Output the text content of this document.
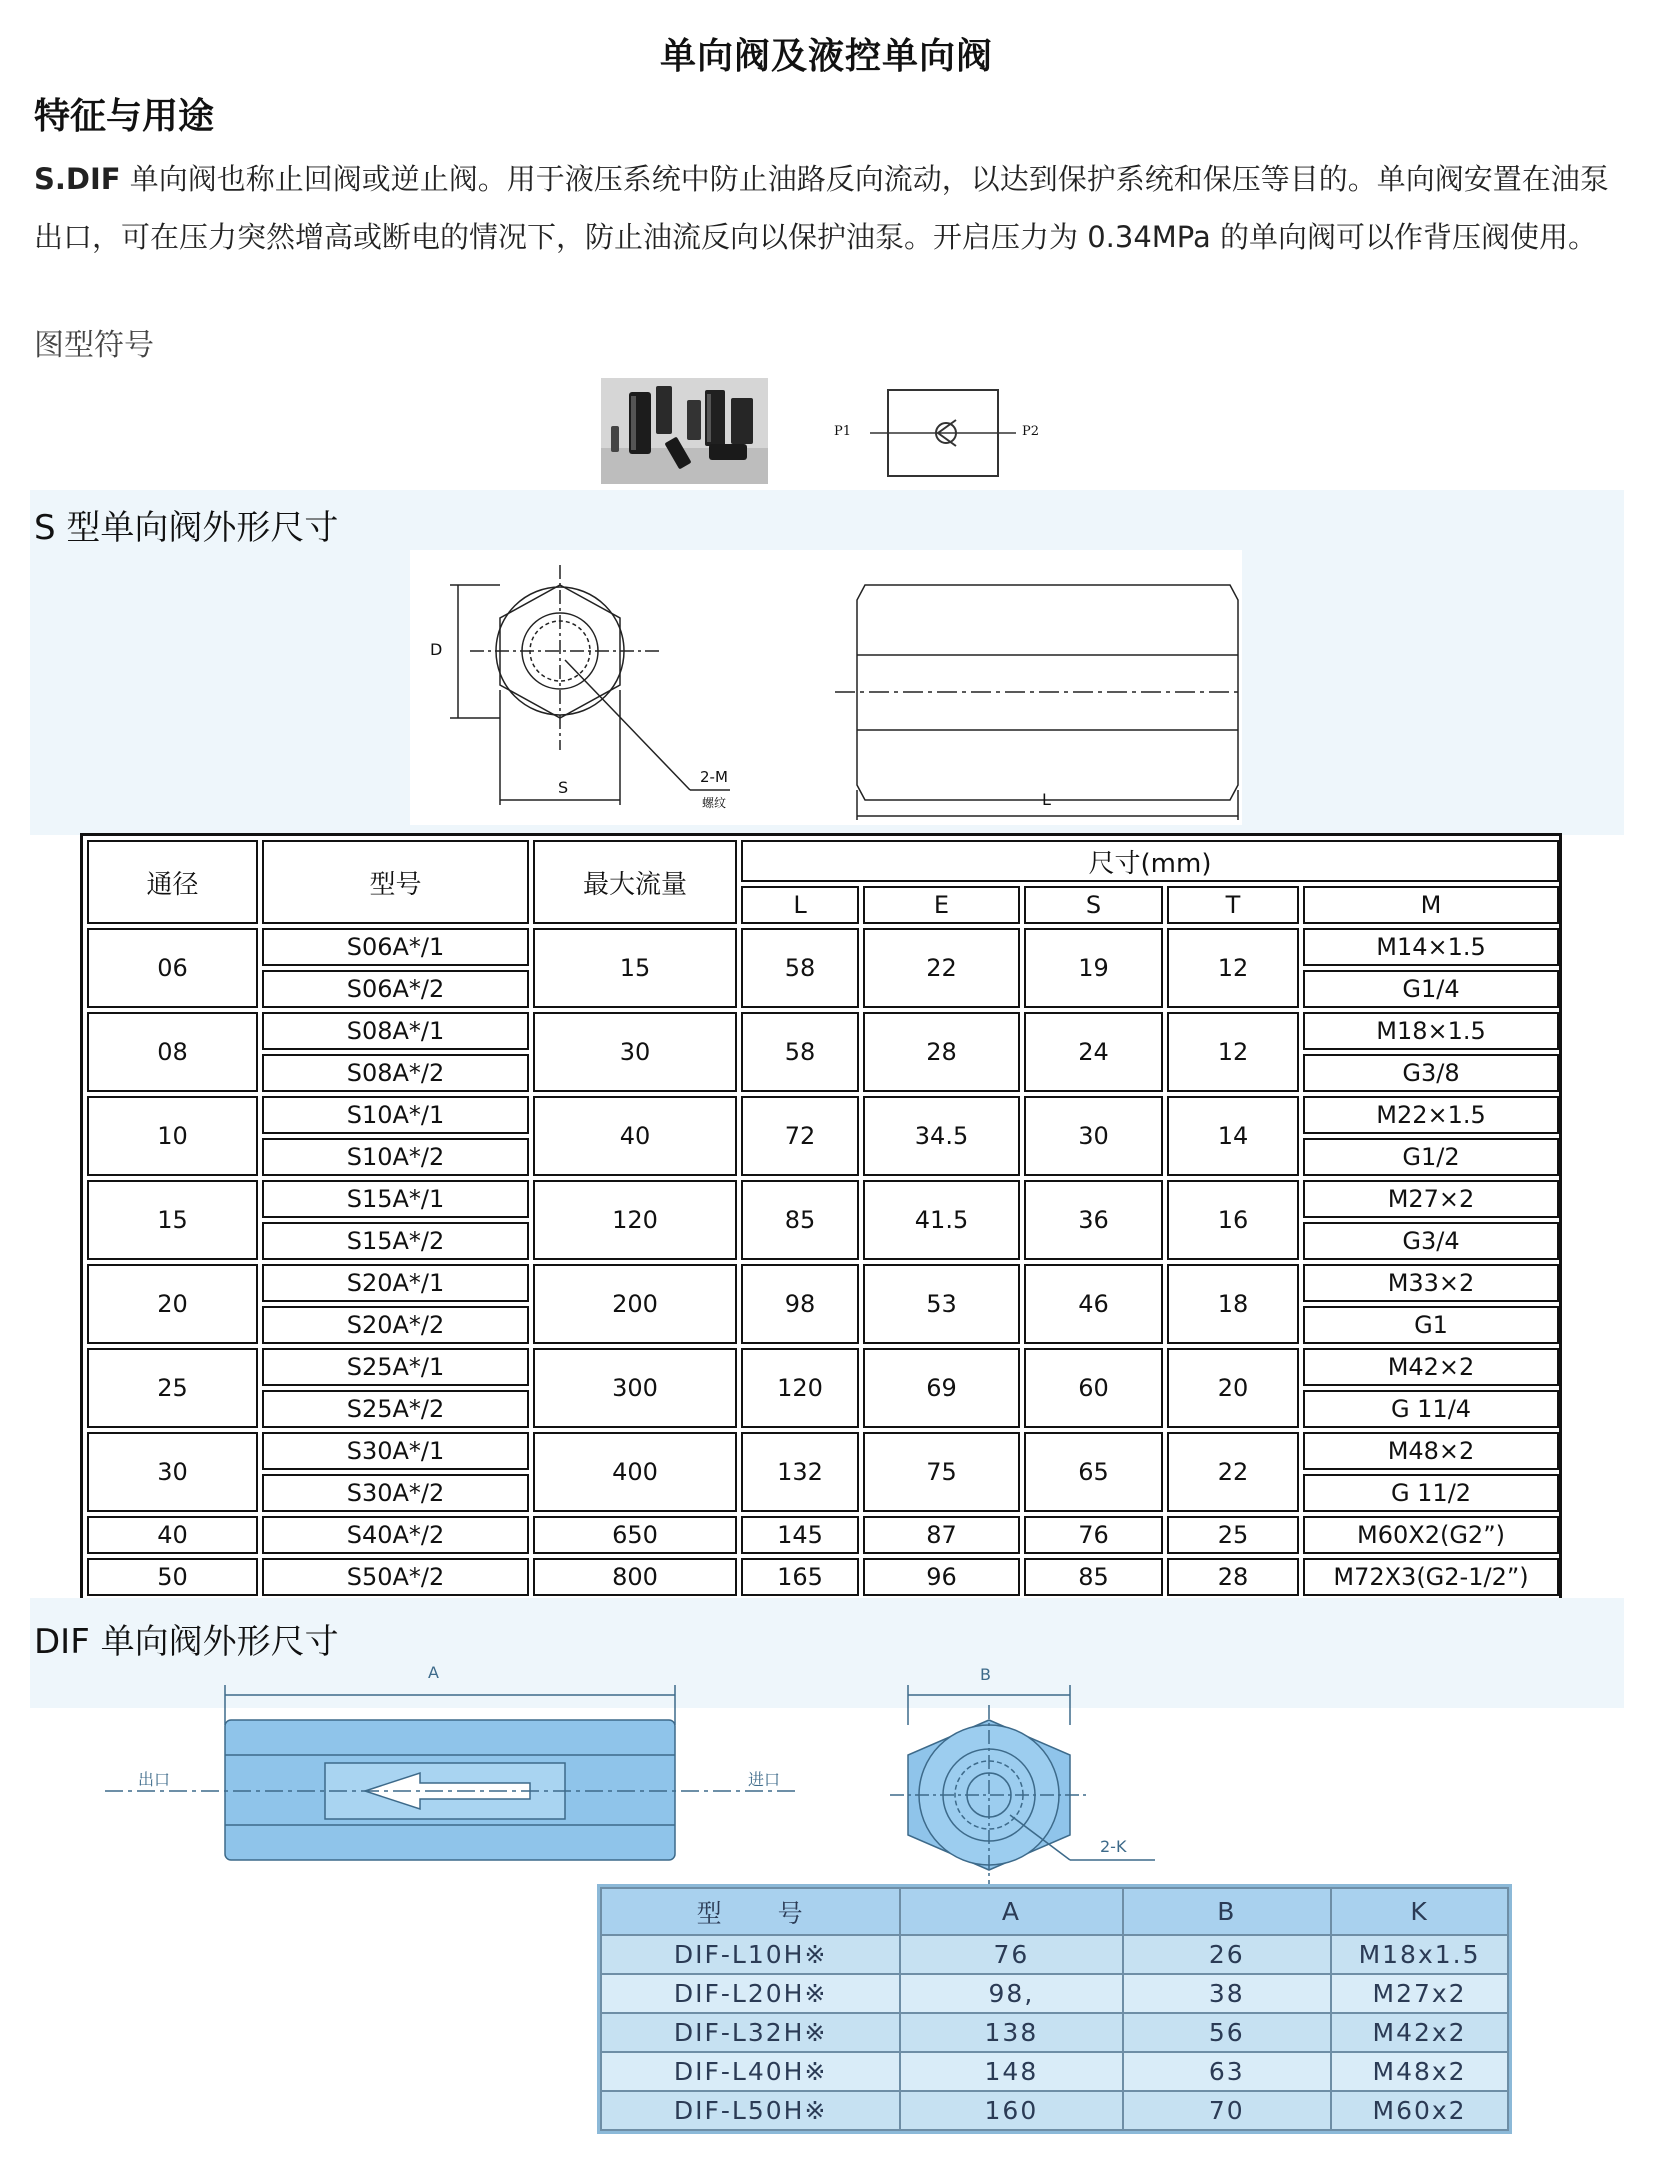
单向阀及液控单向阀
特征与用途
S.DIF 单向阀也称止回阀或逆止阀。用于液压系统中防止油路反向流动，以达到保护系统和保压等目的。单向阀安置在油泵出口，可在压力突然增高或断电的情况下，防止油流反向以保护油泵。开启压力为 0.34MPa 的单向阀可以作背压阀使用。
图型符号
P1	P2
S 型单向阀外形尺寸
D
S
2-M
螺纹	L
通径	型号	最大流量	尺寸(mm)				
			L	E	S	T	M
06	S06A*/1	15	58	22	19	12	M14×1.5
	S06A*/2						G1/4
08	S08A*/1	30	58	28	24	12	M18×1.5
	S08A*/2						G3/8
10	S10A*/1	40	72	34.5	30	14	M22×1.5
	S10A*/2						G1/2
15	S15A*/1	120	85	41.5	36	16	M27×2
	S15A*/2						G3/4
20	S20A*/1	200	98	53	46	18	M33×2
	S20A*/2						G1
25	S25A*/1	300	120	69	60	20	M42×2
	S25A*/2						G 11/4
30	S30A*/1	400	132	75	65	22	M48×2
	S30A*/2						G 11/2
40	S40A*/2	650	145	87	76	25	M60X2(G2”)
50	S50A*/2	800	165	96	85	28	M72X3(G2-1/2”)
DIF 单向阀外形尺寸
A
出口	进口
B
2-K
型　　号	A	B	K
DIF-L10H※	76	26	M18x1.5
DIF-L20H※	98,	38	M27x2
DIF-L32H※	138	56	M42x2
DIF-L40H※	148	63	M48x2
DIF-L50H※	160	70	M60x2
